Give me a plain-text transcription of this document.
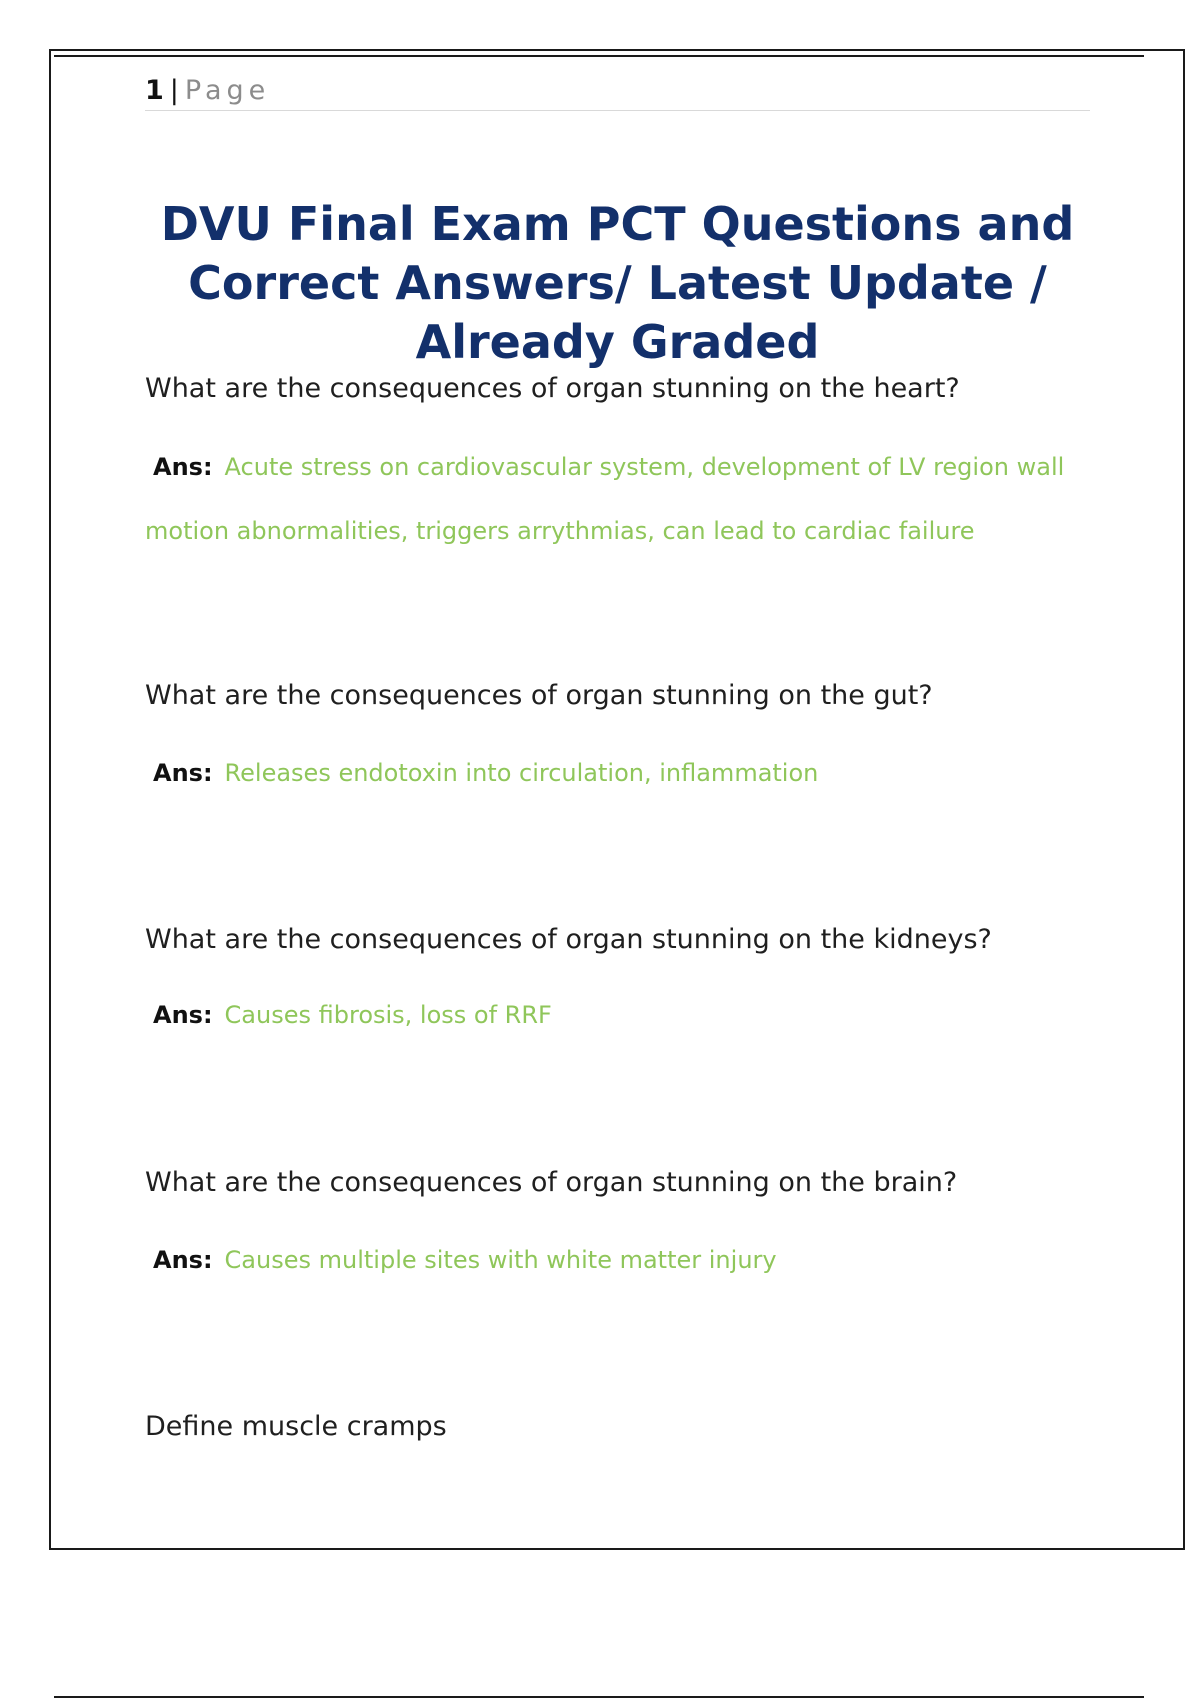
1 | Page
DVU Final Exam PCT Questions and Correct Answers/ Latest Update / Already Graded

What are the consequences of organ stunning on the heart?

Ans: Acute stress on cardiovascular system, development of LV region wall motion abnormalities, triggers arrythmias, can lead to cardiac failure

What are the consequences of organ stunning on the gut?

Ans: Releases endotoxin into circulation, inflammation

What are the consequences of organ stunning on the kidneys?

Ans: Causes fibrosis, loss of RRF

What are the consequences of organ stunning on the brain?

Ans: Causes multiple sites with white matter injury

Define muscle cramps
